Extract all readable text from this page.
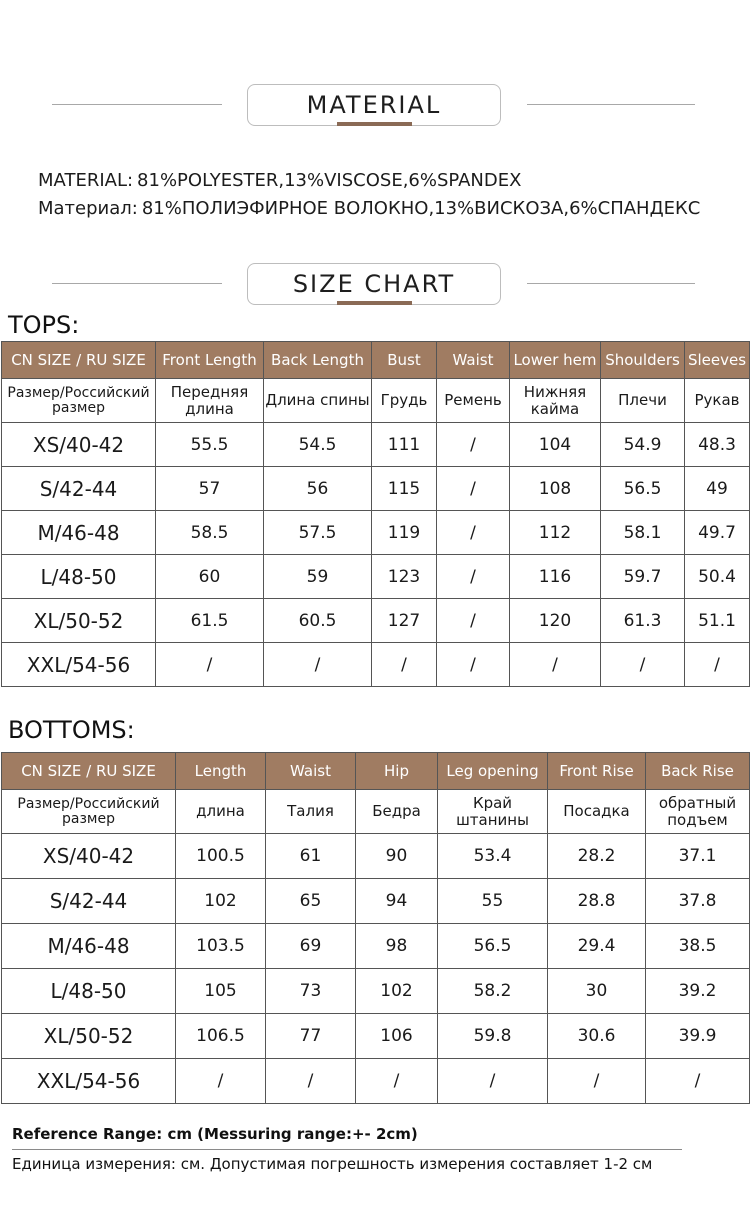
MATERIAL
MATERIAL: 81%POLYESTER,13%VISCOSE,6%SPANDEX
Материал: 81%ПОЛИЭФИРНОЕ ВОЛОКНО,13%ВИСКОЗА,6%СПАНДЕКС
SIZE CHART
TOPS:
CN SIZE / RU SIZE	Front Length	Back Length	Bust	Waist	Lower hem	Shoulders	Sleeves
Размер/Российский размер	Передняя длина	Длина спины	Грудь	Ремень	Нижняя кайма	Плечи	Рукав
XS/40-42	55.5	54.5	111	/	104	54.9	48.3
S/42-44	57	56	115	/	108	56.5	49
M/46-48	58.5	57.5	119	/	112	58.1	49.7
L/48-50	60	59	123	/	116	59.7	50.4
XL/50-52	61.5	60.5	127	/	120	61.3	51.1
XXL/54-56	/	/	/	/	/	/	/
BOTTOMS:
CN SIZE / RU SIZE	Length	Waist	Hip	Leg opening	Front Rise	Back Rise
Размер/Российский размер	длина	Талия	Бедра	Край штанины	Посадка	обратный подъем
XS/40-42	100.5	61	90	53.4	28.2	37.1
S/42-44	102	65	94	55	28.8	37.8
M/46-48	103.5	69	98	56.5	29.4	38.5
L/48-50	105	73	102	58.2	30	39.2
XL/50-52	106.5	77	106	59.8	30.6	39.9
XXL/54-56	/	/	/	/	/	/
Reference Range: cm (Messuring range:+- 2cm)
Единица измерения: см. Допустимая погрешность измерения составляет 1-2 см
